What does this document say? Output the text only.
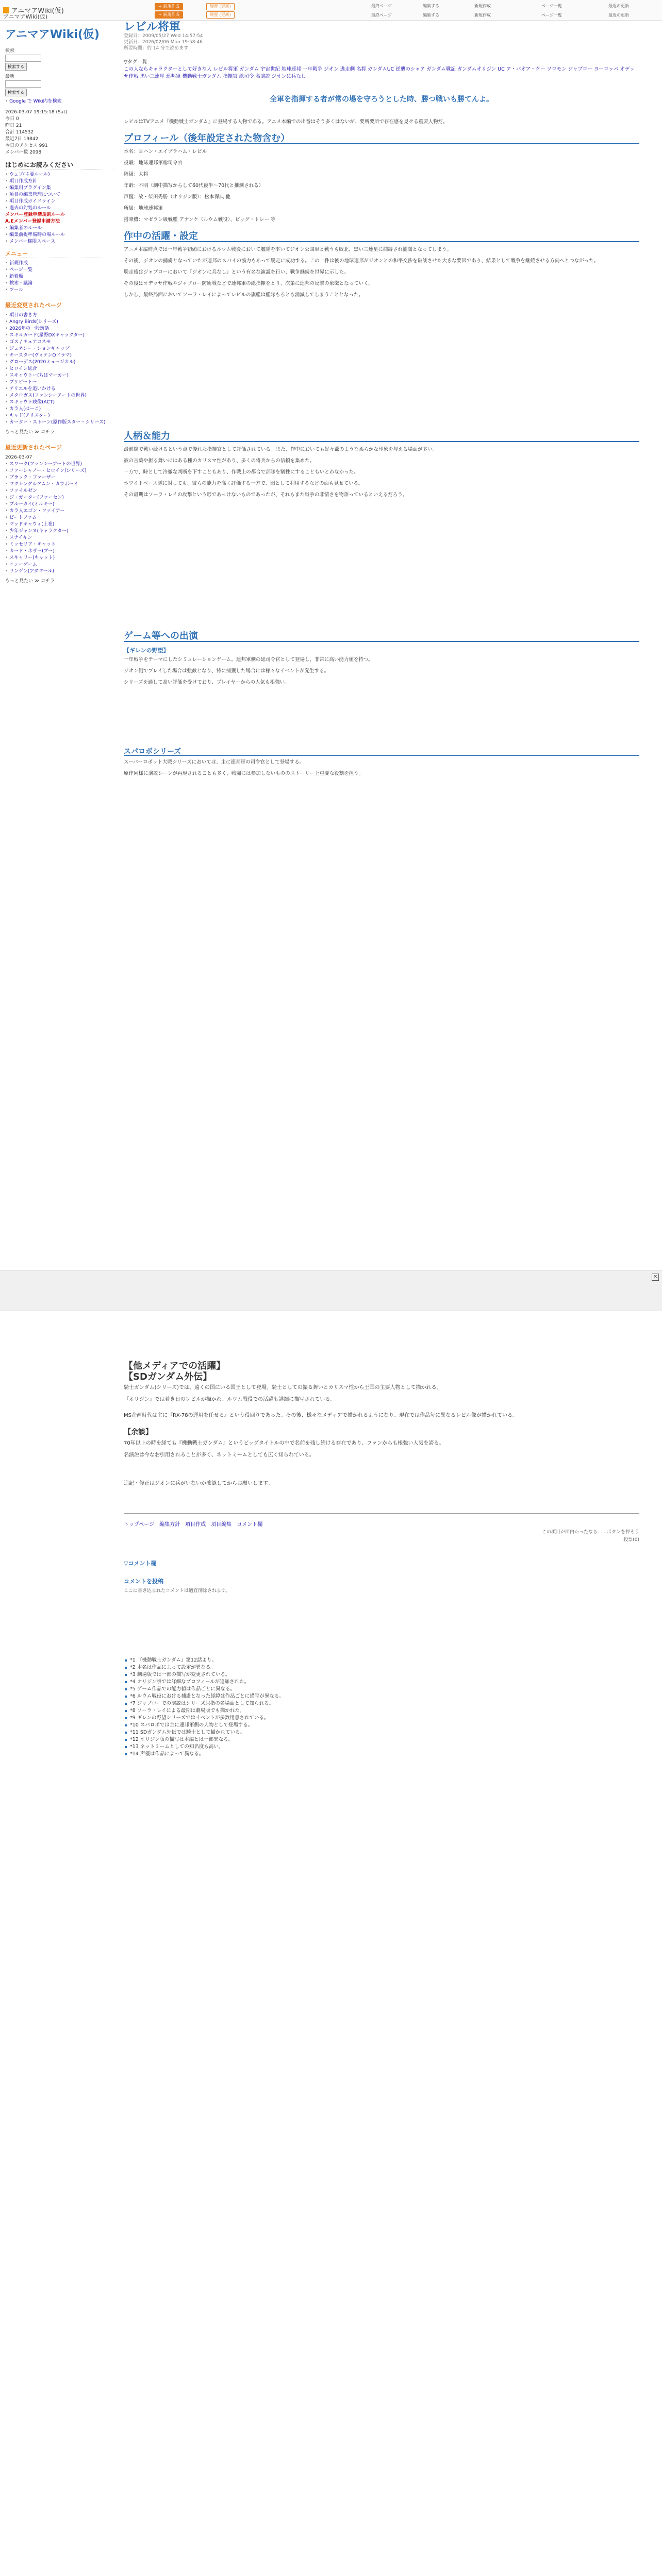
アニマアWiki(仮)
アニマアWiki(仮)
+ 新規作成	履歴 (更新)
+ 新規作成	履歴 (更新)
最終ページ	編集する	新規作成	ページ一覧	最近の更新
最終ページ	編集する	新規作成	ページ一覧	最近の更新
アニマアWiki(仮)
検索
検索する
最新
検索する
• Google で Wiki内を検索
2026-03-07 19:15:18 (Sat)
今日 0
昨日 21
合計 114532
最近7日 19842
今日のアクセス 991
メンバー数 2098
はじめにお読みください
• ウェブ(主要ルール)
• 項目作成方針
• 編集用プラグイン集
• 項目の編集管理について
• 項目作成ガイドライン
• 過去の対処のルール
メンバー登録申請規則ルール
A.Eメンバー登録申請方法
• 編集者のルール
• 編集前提準備時の場ルール
• メンバー権限スペース
メニュー
• 新規作成
• ページ一覧
• 新着順
• 検索・議論
• ツール
最近変更されたページ
• 項目の書き方
• Angry Birds(シリーズ)
• 2026年の一般逸話
• スキルガード(星野DXキャラクター)
• ゴス / キュアコスモ
• ジェネシー・ションキャップ
• キースター(ヴォケンOドラマ)
• グローデス(2020ミュージカル)
• ヒロイン総合
• スキャウトー(ちはマーカー)
• ブリビートー
• アリエルを追いかける
• メタロガス(ファンシーアートの世界)
• スキャウト映像(ACT)
• カラ人(はーこ)
• キャド(アリスター)
• カーター・ストーン(原作版スター・シリーズ)
もっと見たい ≫ コチラ
最近更新されたページ
2026-03-07
• スワーク(ファンシーアートの世界)
• ファーシャノー・ヒロイン(シリーズ)
• ブラック・ファーザー
• マクシングルアムン・カウボーイ
• ファイルゼン
• ジ・ガーター(ファーセン)
• ブルーカイ(ミルキー)
• カラ人エゴン・ファイアー
• ビートファム
• マッドキャウィ(上巻)
• 少年ジャンヌ(キャラクター)
• スナイキン
• ミッセリア・キャット
• カード・ネザー(ブー)
• スキャリー(キャット)
• ニューゲーム
• リンゲン(アダマール)
もっと見たい ≫ コチラ
レビル将軍
登録日：2009/05/27 Wed 14:57:54
更新日：2026/02/06 Mon 19:58:46
所要時間：約 14 分で読めます
▽タグ一覧
この人ならキャラクターとして好きな人 レビル将軍 ガンダム 宇宙世紀 地球連邦 一年戦争 ジオン 逃走劇 名将 ガンダムUC 逆襲のシャア ガンダム戦記 ガンダムオリジン UC ア・バオア・クー ソロモン ジャブロー ヨーロッパ オデッサ作戦 黒い三連星 連邦軍 機動戦士ガンダム 指揮官 総司令 名演説 ジオンに兵なし
全軍を指揮する者が常の場を守ろうとした時、勝つ戦いも勝てんよ。
レビルはTVアニメ『機動戦士ガンダム』に登場する人物である。アニメ本編での出番はそう多くはないが、要所要所で存在感を見せる重要人物だ。
プロフィール（後年設定された物含む）
本名：ヨハン・エイブラハム・レビル
役職：地球連邦軍総司令官
階級：大将
年齢：不明（劇中描写からして60代後半〜70代と推測される）
声優：故・柴田秀勝（オリジン版）：松本保典 他
所属：地球連邦軍
搭乗機：マゼラン級戦艦 アナンケ（ルウム戦役）、ビッグ・トレー 等
作中の活躍・設定
アニメ本編時点では一年戦争初頭におけるルウム戦役において艦隊を率いてジオン公国軍と戦うも敗北、黒い三連星に捕縛され捕虜となってしまう。
その後、ジオンの捕虜となっていたが連邦のスパイの協力もあって脱走に成功する。この一件は後の地球連邦がジオンとの和平交渉を破談させた大きな要因であり、結果として戦争を継続させる方向へとつながった。
脱走後はジャブローにおいて『ジオンに兵なし』という有名な演説を行い、戦争継続を世界に示した。
その後はオデッサ作戦やジャブロー防衛戦などで連邦軍の総指揮をとり、次第に連邦の反撃の象徴となっていく。
しかし、最終局面においてソーラ・レイによってレビルの旗艦は艦隊もろとも消滅してしまうこととなった。
人柄＆能力
最前線で戦い続けるという点で優れた指揮官として評価されている。また、作中においても好々爺のような柔らかな印象を与える場面が多い。
彼の言葉や振る舞いにはある種のカリスマ性があり、多くの将兵からの信頼を集めた。
一方で、時として冷徹な判断を下すこともあり、作戦上の都合で部隊を犠牲にすることもいとわなかった。
ホワイトベース隊に対しても、彼らの能力を高く評価する一方で、囮として利用するなどの面も見せている。
その最期はソーラ・レイの攻撃という形であっけないものであったが、それもまた戦争の非情さを物語っているといえるだろう。
ゲーム等への出演
【ギレンの野望】
一年戦争をテーマにしたシミュレーションゲーム。連邦軍側の総司令官として登場し、非常に高い能力値を持つ。
ジオン側でプレイした場合は強敵となり、特に捕獲した場合には様々なイベントが発生する。
シリーズを通して高い評価を受けており、プレイヤーからの人気も根強い。
スパロボシリーズ
スーパーロボット大戦シリーズにおいては、主に連邦軍の司令官として登場する。
原作同様に演説シーンが再現されることも多く、戦闘には参加しないもののストーリー上重要な役割を担う。
✕
【他メディアでの活躍】
【SDガンダム外伝】
騎士ガンダム(シリーズ)では、遠くの国にいる国王として登場。騎士としての振る舞いとカリスマ性から王国の主要人物として描かれる。
『オリジン』では若き日のレビルが描かれ、ルウム戦役での活躍も詳細に描写されている。
MS企画時代は主に『RX-78の運用を任せる』という役回りであった。その後、様々なメディアで描かれるようになり、現在では作品毎に異なるレビル像が描かれている。
【余談】
70年以上の時を経ても『機動戦士ガンダム』というビッグタイトルの中で名前を残し続ける存在であり、ファンからも根強い人気を誇る。
名演説は今なお引用されることが多く、ネットミームとしても広く知られている。
追記・修正はジオンに兵がいないか確認してからお願いします。
トップページ　編集方針　項目作成　項目編集　コメント欄
この項目が面白かったなら……ボタンを押そう
投票(0)
▽コメント欄
コメントを投稿
ここに書き込まれたコメントは適宜削除されます。
*1 『機動戦士ガンダム』第12話より。
*2 本名は作品によって設定が異なる。
*3 劇場版では一部の描写が変更されている。
*4 オリジン版では詳細なプロフィールが追加された。
*5 ゲーム作品での能力値は作品ごとに異なる。
*6 ルウム戦役における捕虜となった経緯は作品ごとに描写が異なる。
*7 ジャブローでの演説はシリーズ屈指の名場面として知られる。
*8 ソーラ・レイによる最期は劇場版でも描かれた。
*9 ギレンの野望シリーズではイベントが多数用意されている。
*10 スパロボでは主に連邦軍側の人物として登場する。
*11 SDガンダム外伝では騎士として描かれている。
*12 オリジン版の描写は本編とは一部異なる。
*13 ネットミームとしての知名度も高い。
*14 声優は作品によって異なる。
